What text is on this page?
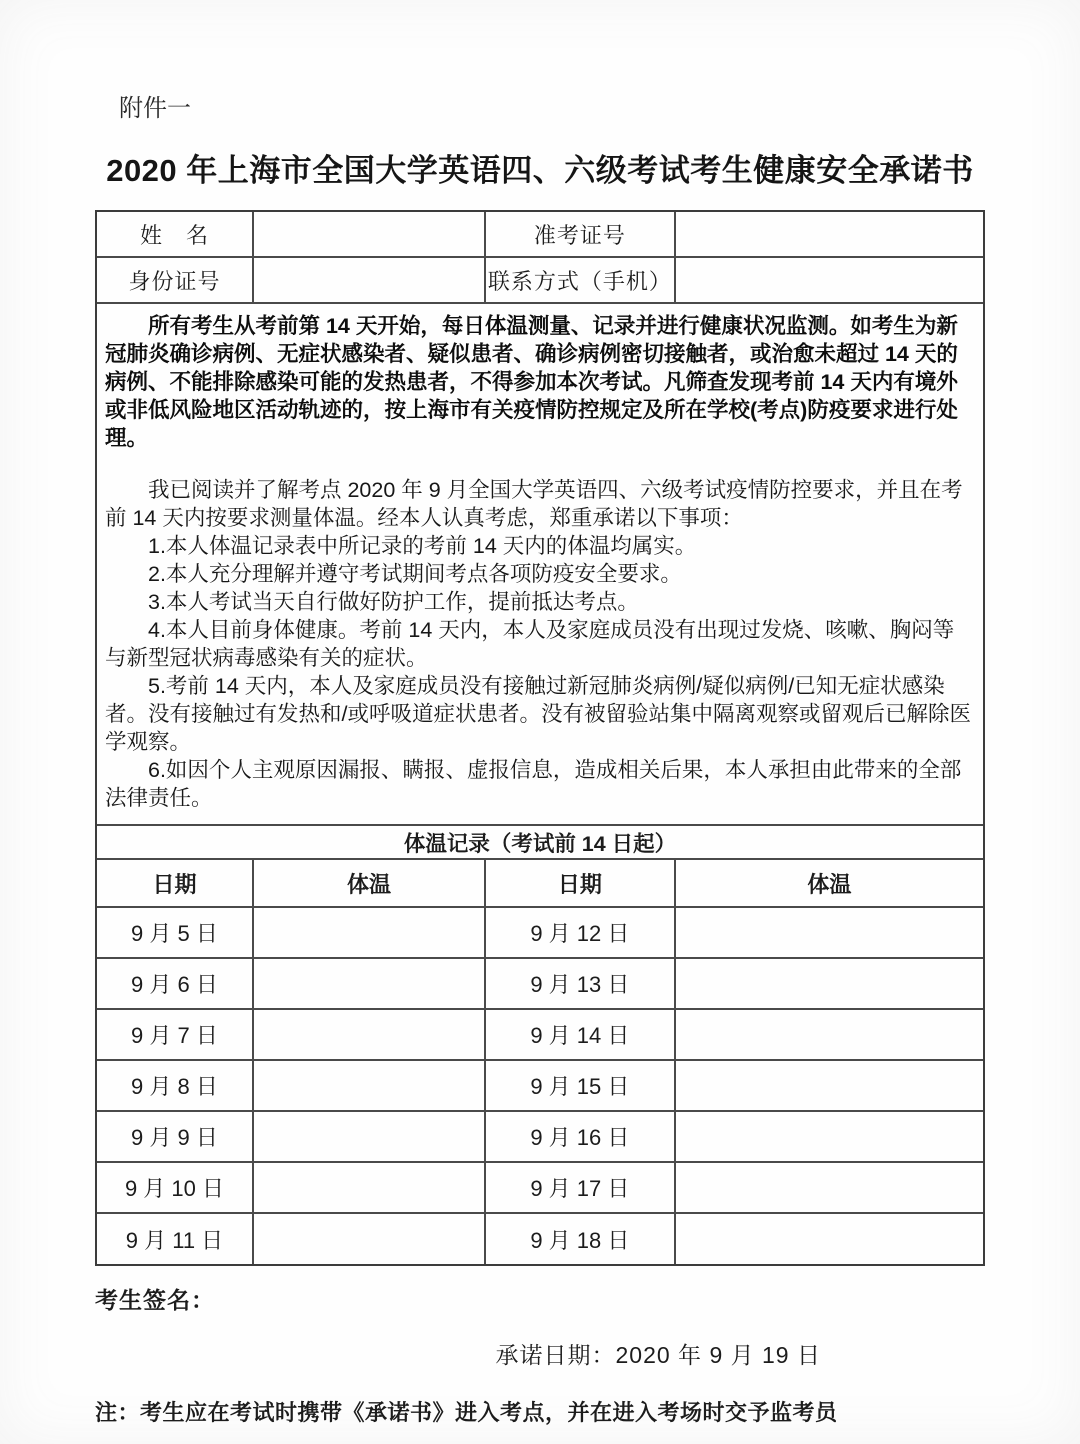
附件一
2020 年上海市全国大学英语四、六级考试考生健康安全承诺书
姓　名		准考证号	
身份证号		联系方式（手机）	

所有考生从考前第 14 天开始，每日体温测量、记录并进行健康状况监测。如考生为新冠肺炎确诊病例、无症状感染者、疑似患者、确诊病例密切接触者，或治愈未超过 14 天的病例、不能排除感染可能的发热患者，不得参加本次考试。凡筛查发现考前 14 天内有境外或非低风险地区活动轨迹的，按上海市有关疫情防控规定及所在学校(考点)防疫要求进行处理。

我已阅读并了解考点 2020 年 9 月全国大学英语四、六级考试疫情防控要求，并且在考前 14 天内按要求测量体温。经本人认真考虑，郑重承诺以下事项：

1.本人体温记录表中所记录的考前 14 天内的体温均属实。

2.本人充分理解并遵守考试期间考点各项防疫安全要求。

3.本人考试当天自行做好防护工作，提前抵达考点。

4.本人目前身体健康。考前 14 天内，本人及家庭成员没有出现过发烧、咳嗽、胸闷等与新型冠状病毒感染有关的症状。

5.考前 14 天内，本人及家庭成员没有接触过新冠肺炎病例/疑似病例/已知无症状感染者。没有接触过有发热和/或呼吸道症状患者。没有被留验站集中隔离观察或留观后已解除医学观察。

6.如因个人主观原因漏报、瞒报、虚报信息，造成相关后果，本人承担由此带来的全部法律责任。

体温记录（考试前 14 日起）
日期	体温	日期	体温
9 月 5 日		9 月 12 日	
9 月 6 日		9 月 13 日	
9 月 7 日		9 月 14 日	
9 月 8 日		9 月 15 日	
9 月 9 日		9 月 16 日	
9 月 10 日		9 月 17 日	
9 月 11 日		9 月 18 日	
考生签名：
承诺日期：2020 年 9 月 19 日
注：考生应在考试时携带《承诺书》进入考点，并在进入考场时交予监考员
